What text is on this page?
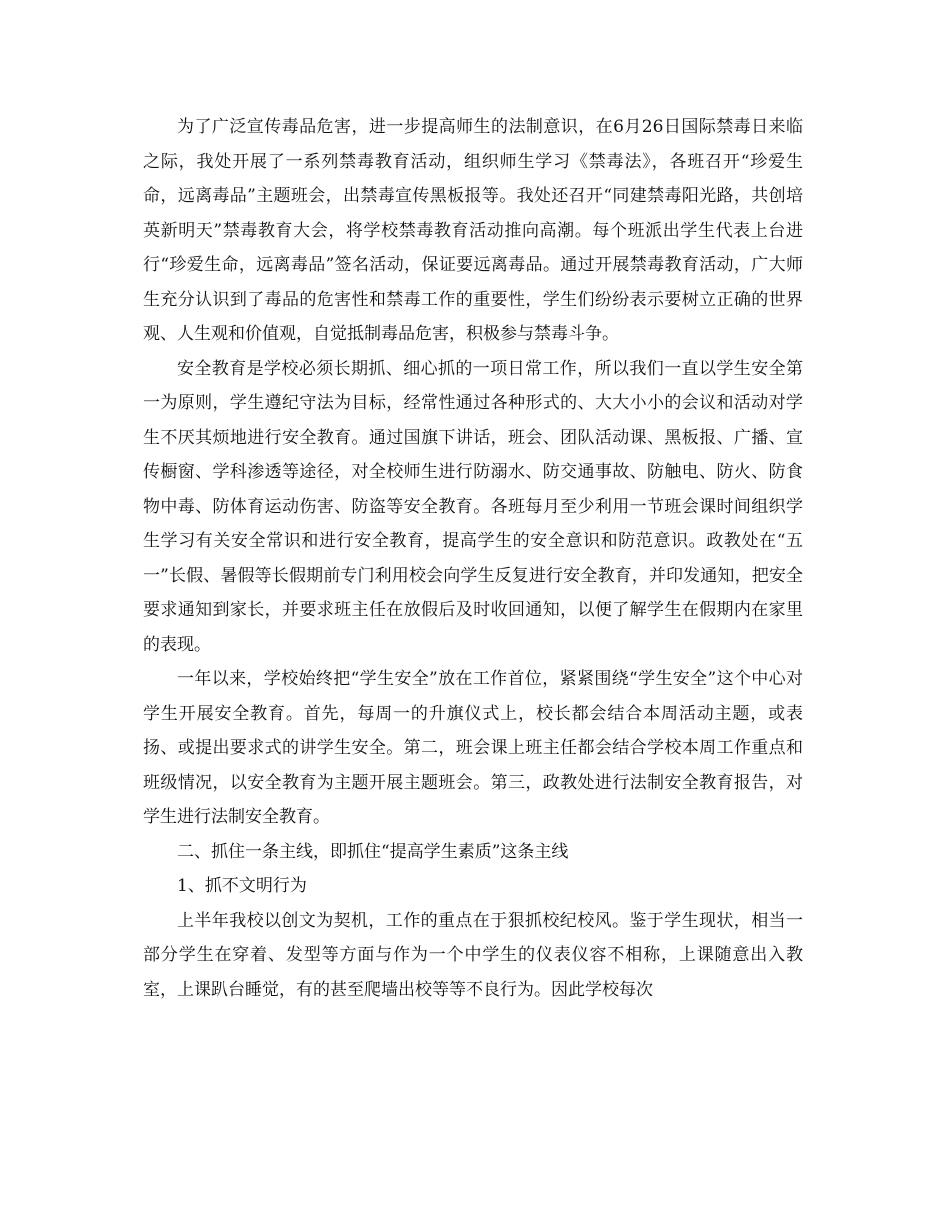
为了广泛宣传毒品危害，进一步提高师生的法制意识，在6月26日国际禁毒日来临之际，我处开展了一系列禁毒教育活动，组织师生学习《禁毒法》，各班召开“珍爱生命，远离毒品”主题班会，出禁毒宣传黑板报等。我处还召开“同建禁毒阳光路，共创培英新明天”禁毒教育大会，将学校禁毒教育活动推向高潮。每个班派出学生代表上台进行“珍爱生命，远离毒品”签名活动，保证要远离毒品。通过开展禁毒教育活动，广大师生充分认识到了毒品的危害性和禁毒工作的重要性，学生们纷纷表示要树立正确的世界观、人生观和价值观，自觉抵制毒品危害，积极参与禁毒斗争。

安全教育是学校必须长期抓、细心抓的一项日常工作，所以我们一直以学生安全第一为原则，学生遵纪守法为目标，经常性通过各种形式的、大大小小的会议和活动对学生不厌其烦地进行安全教育。通过国旗下讲话，班会、团队活动课、黑板报、广播、宣传橱窗、学科渗透等途径，对全校师生进行防溺水、防交通事故、防触电、防火、防食物中毒、防体育运动伤害、防盗等安全教育。各班每月至少利用一节班会课时间组织学生学习有关安全常识和进行安全教育，提高学生的安全意识和防范意识。政教处在“五一”长假、暑假等长假期前专门利用校会向学生反复进行安全教育，并印发通知，把安全要求通知到家长，并要求班主任在放假后及时收回通知，以便了解学生在假期内在家里的表现。

一年以来，学校始终把“学生安全”放在工作首位，紧紧围绕“学生安全”这个中心对学生开展安全教育。首先，每周一的升旗仪式上，校长都会结合本周活动主题，或表扬、或提出要求式的讲学生安全。第二，班会课上班主任都会结合学校本周工作重点和班级情况，以安全教育为主题开展主题班会。第三，政教处进行法制安全教育报告，对学生进行法制安全教育。

二、抓住一条主线，即抓住“提高学生素质”这条主线

1、抓不文明行为

上半年我校以创文为契机，工作的重点在于狠抓校纪校风。鉴于学生现状，相当一部分学生在穿着、发型等方面与作为一个中学生的仪表仪容不相称，上课随意出入教室，上课趴台睡觉，有的甚至爬墙出校等等不良行为。因此学校每次
